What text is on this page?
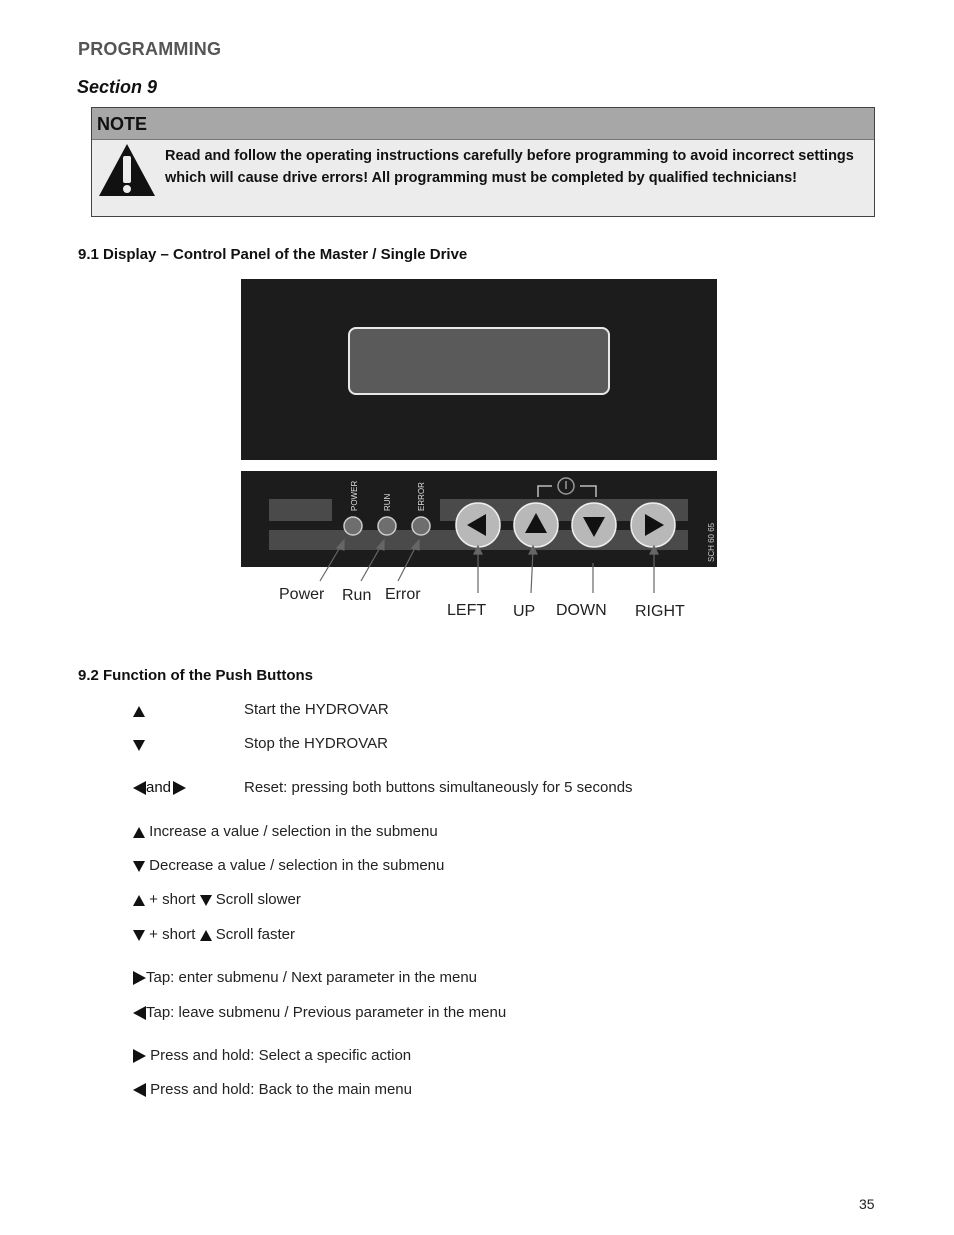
PROGRAMMING
Section 9
NOTE
Read and follow the operating instructions carefully before programming to avoid incorrect settings which will cause drive errors! All programming must be completed by qualified technicians!
9.1 Display – Control Panel of the Master / Single Drive
POWER	RUN	ERROR
SCH 60 65
Power Run Error
LEFT UP DOWN RIGHT
9.2 Function of the Push Buttons
Start the HYDROVAR
Stop the HYDROVAR
and	Reset: pressing both buttons simultaneously for 5 seconds
Increase a value / selection in the submenu
Decrease a value / selection in the submenu
+ short Scroll slower
+ short Scroll faster
Tap: enter submenu / Next parameter in the menu
Tap: leave submenu / Previous parameter in the menu
Press and hold: Select a specific action
Press and hold: Back to the main menu
35
